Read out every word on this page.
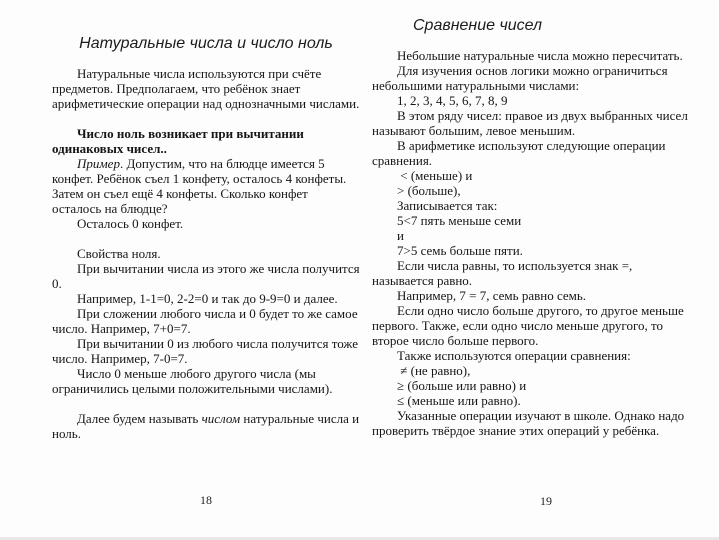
Натуральные числа и число ноль
Натуральные числа используются при счёте предметов. Предполагаем, что ребёнок знает арифметические операции над однозначными числами.
Число ноль возникает при вычитании одинаковых чисел..
Пример. Допустим, что на блюдце имеется 5 конфет. Ребёнок съел 1 конфету, осталось 4 конфеты. Затем он съел ещё 4 конфеты. Сколько конфет осталось на блюдце?
Осталось 0 конфет.
Свойства ноля.
При вычитании числа из этого же числа получится 0.
Например, 1-1=0, 2-2=0 и так до 9-9=0 и далее.
При сложении любого числа и 0 будет то же самое число. Например, 7+0=7.
При вычитании 0 из любого числа получится тоже число. Например, 7-0=7.
Число 0 меньше любого другого числа (мы ограничились целыми положительными числами).
Далее будем называть числом натуральные числа и ноль.
18
Сравнение чисел
Небольшие натуральные числа можно пересчитать.
Для изучения основ логики можно ограничиться небольшими натуральными числами:
1, 2, 3, 4, 5, 6, 7, 8, 9
В этом ряду чисел: правое из двух выбранных чисел называют большим, левое меньшим.
В арифметике используют следующие операции сравнения.
< (меньше) и
> (больше),
Записывается так:
5<7 пять меньше семи
и
7>5 семь больше пяти.
Если числа равны, то используется знак =, называется равно.
Например, 7 = 7, семь равно семь.
Если одно число больше другого, то другое меньше первого. Также, если одно число меньше другого, то второе число больше первого.
Также используются операции сравнения:
≠ (не равно),
≥ (больше или равно) и
≤ (меньше или равно).
Указанные операции изучают в школе. Однако надо проверить твёрдое знание этих операций у ребёнка.
19
